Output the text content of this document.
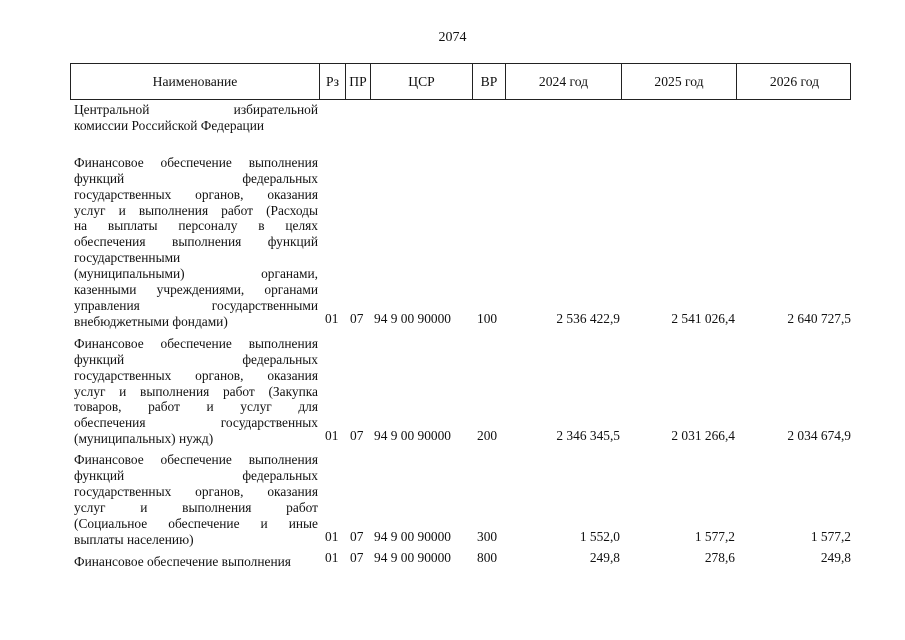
2074
Наименование	Рз ПР	ЦСР	ВР	2024 год	2025 год	2026 год
Центральной избирательной
комиссии Российской Федерации
Финансовое обеспечение выполнения
функций федеральных
государственных органов, оказания
услуг и выполнения работ (Расходы
на выплаты персоналу в целях
обеспечения выполнения функций
государственными
(муниципальными) органами,
казенными учреждениями, органами
управления государственными
внебюджетными фондами)	01 07 94 9 00 90000 100	2 536 422,9	2 541 026,4	2 640 727,5
Финансовое обеспечение выполнения
функций федеральных
государственных органов, оказания
услуг и выполнения работ (Закупка
товаров, работ и услуг для
обеспечения государственных
(муниципальных) нужд)	01 07 94 9 00 90000 200	2 346 345,5	2 031 266,4	2 034 674,9
Финансовое обеспечение выполнения
функций федеральных
государственных органов, оказания
услуг и выполнения работ
(Социальное обеспечение и иные
выплаты населению)	01 07 94 9 00 90000 300	1 552,0	1 577,2	1 577,2
Финансовое обеспечение выполнения	01 07 94 9 00 90000 800	249,8	278,6	249,8
